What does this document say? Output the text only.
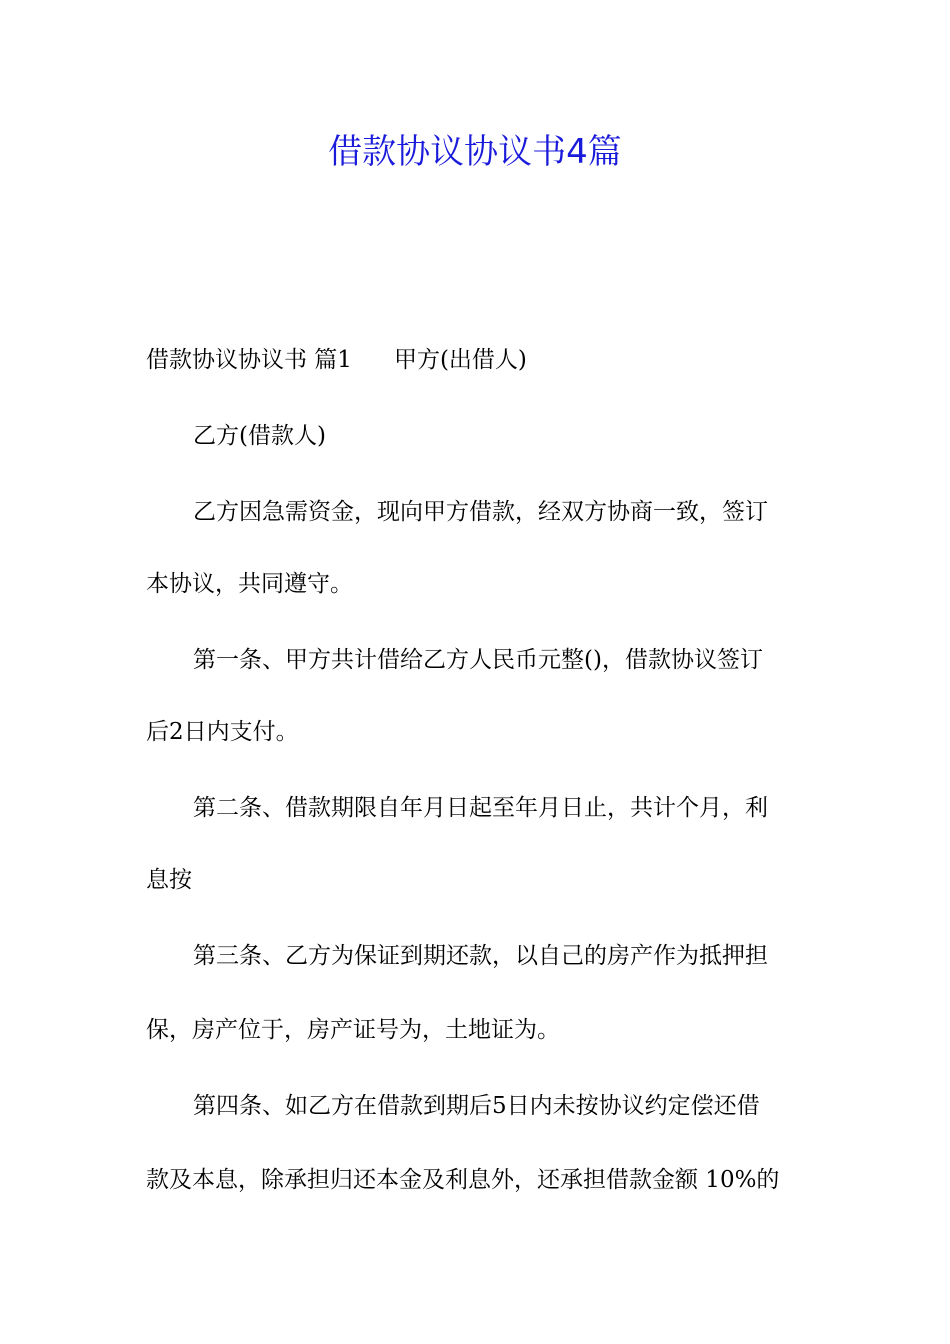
借款协议协议书4篇
借款协议协议书 篇1 甲方(出借人)
乙方(借款人)
乙方因急需资金，现向甲方借款，经双方协商一致，签订
本协议，共同遵守。
第一条、甲方共计借给乙方人民币元整()，借款协议签订
后2日内支付。
第二条、借款期限自年月日起至年月日止，共计个月，利
息按
第三条、乙方为保证到期还款，以自己的房产作为抵押担
保，房产位于，房产证号为，土地证为。
第四条、如乙方在借款到期后5日内未按协议约定偿还借
款及本息，除承担归还本金及利息外，还承担借款金额 10%的
